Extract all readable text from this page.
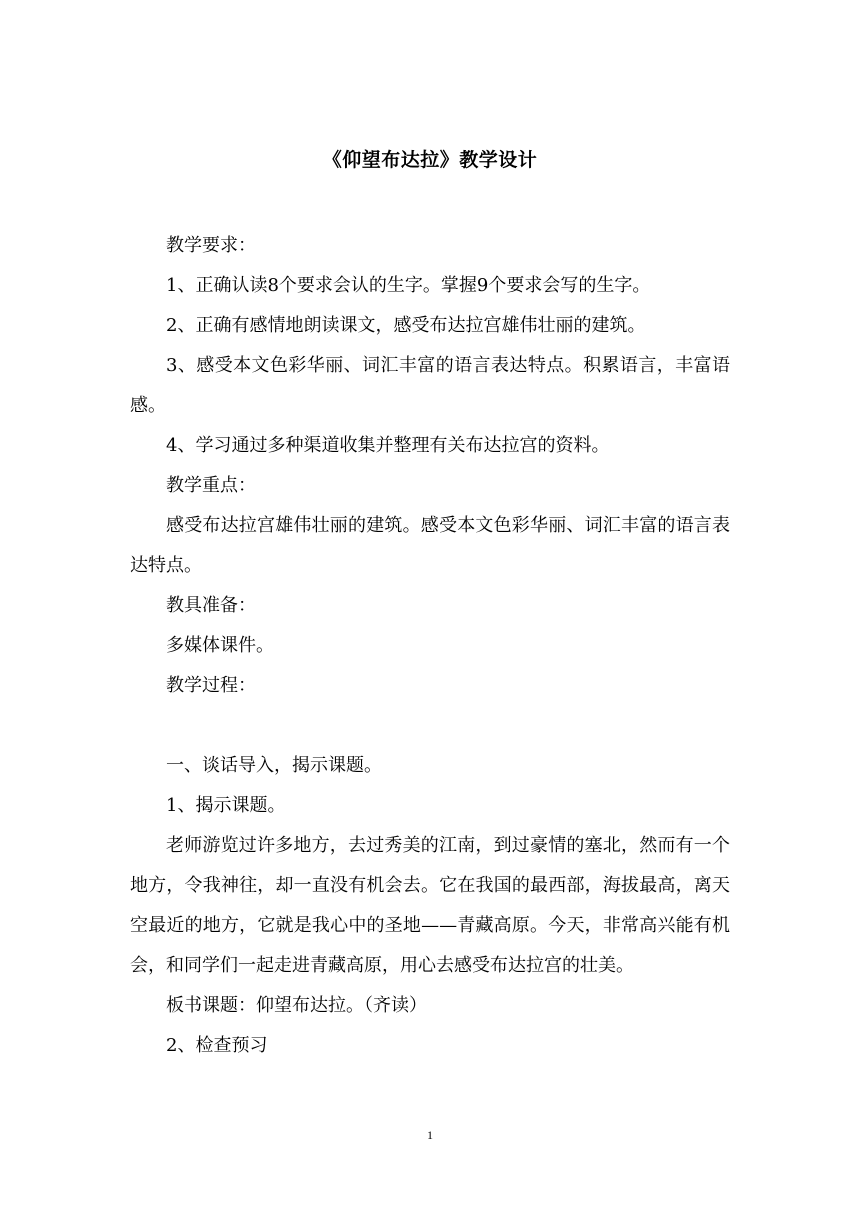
《仰望布达拉》教学设计

教学要求：

1、正确认读8个要求会认的生字。掌握9个要求会写的生字。

2、正确有感情地朗读课文，感受布达拉宫雄伟壮丽的建筑。

3、感受本文色彩华丽、词汇丰富的语言表达特点。积累语言，丰富语感。

4、学习通过多种渠道收集并整理有关布达拉宫的资料。

教学重点：

感受布达拉宫雄伟壮丽的建筑。感受本文色彩华丽、词汇丰富的语言表达特点。

教具准备：

多媒体课件。

教学过程：

一、谈话导入，揭示课题。

1、揭示课题。

老师游览过许多地方，去过秀美的江南，到过豪情的塞北，然而有一个地方，令我神往，却一直没有机会去。它在我国的最西部，海拔最高，离天空最近的地方，它就是我心中的圣地——青藏高原。今天，非常高兴能有机会，和同学们一起走进青藏高原，用心去感受布达拉宫的壮美。

板书课题：仰望布达拉。（齐读）

2、检查预习

1
